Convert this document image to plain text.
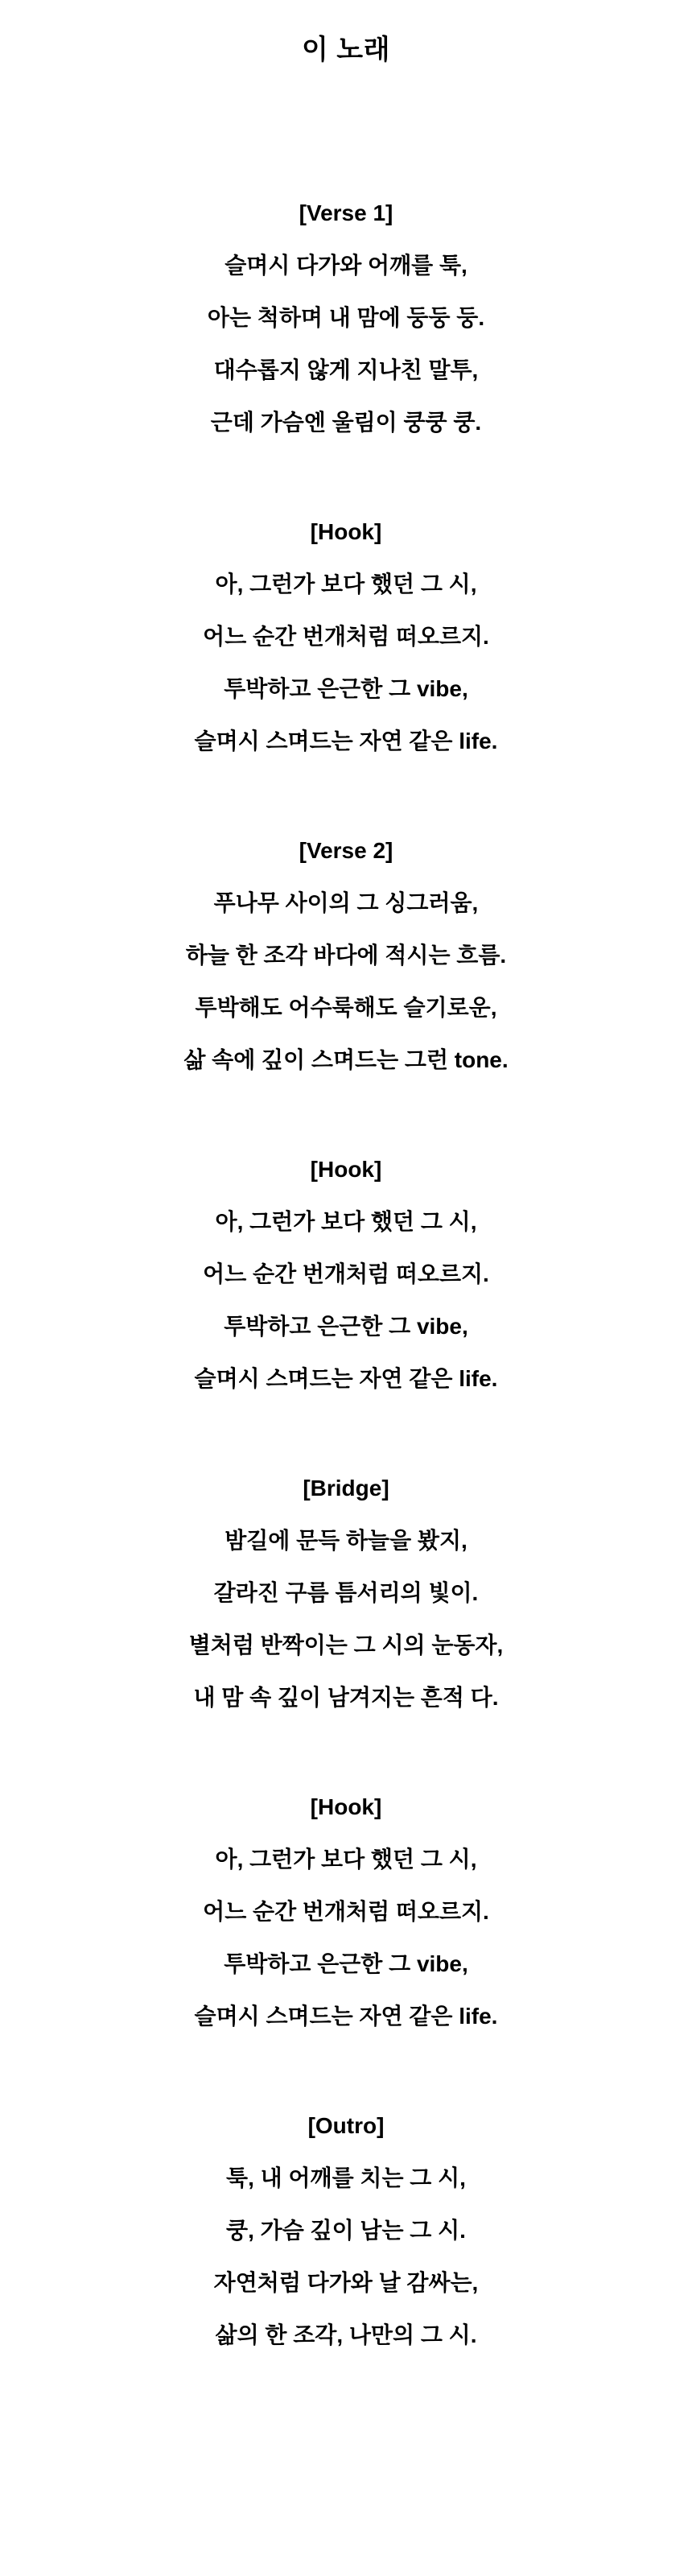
이 노래
[Verse 1]
슬며시 다가와 어깨를 툭,
아는 척하며 내 맘에 둥둥 둥.
대수롭지 않게 지나친 말투,
근데 가슴엔 울림이 쿵쿵 쿵.
[Hook]
아, 그런가 보다 했던 그 시,
어느 순간 번개처럼 떠오르지.
투박하고 은근한 그 vibe,
슬며시 스며드는 자연 같은 life.
[Verse 2]
푸나무 사이의 그 싱그러움,
하늘 한 조각 바다에 적시는 흐름.
투박해도 어수룩해도 슬기로운,
삶 속에 깊이 스며드는 그런 tone.
[Hook]
아, 그런가 보다 했던 그 시,
어느 순간 번개처럼 떠오르지.
투박하고 은근한 그 vibe,
슬며시 스며드는 자연 같은 life.
[Bridge]
밤길에 문득 하늘을 봤지,
갈라진 구름 틈서리의 빛이.
별처럼 반짝이는 그 시의 눈동자,
내 맘 속 깊이 남겨지는 흔적 다.
[Hook]
아, 그런가 보다 했던 그 시,
어느 순간 번개처럼 떠오르지.
투박하고 은근한 그 vibe,
슬며시 스며드는 자연 같은 life.
[Outro]
툭, 내 어깨를 치는 그 시,
쿵, 가슴 깊이 남는 그 시.
자연처럼 다가와 날 감싸는,
삶의 한 조각, 나만의 그 시.
